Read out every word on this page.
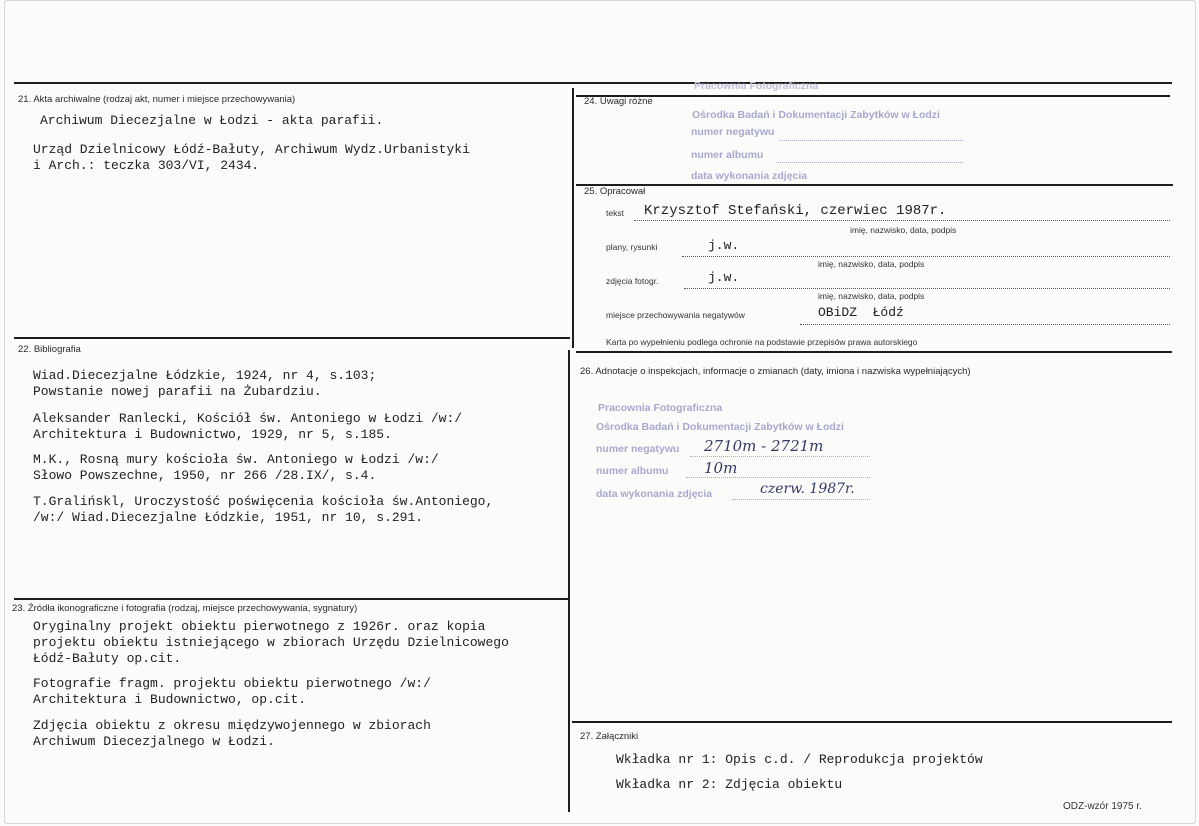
21. Akta archiwalne (rodzaj akt, numer i miejsce przechowywania)
Archiwum Diecezjalne w Łodzi - akta parafii.
Urząd Dzielnicowy Łódź-Bałuty, Archiwum Wydz.Urbanistyki
i Arch.: teczka 303/VI, 2434.
24. Uwagi różne
Pracownia Fotograficzna
Ośrodka Badań i Dokumentacji Zabytków w Łodzi
numer negatywu
numer albumu
data wykonania zdjęcia
25. Opracował
tekst Krzysztof Stefański, czerwiec 1987r.
imię, nazwisko, data, podpis
plany, rysunki	j.w.
imię, nazwisko, data, podpis
zdjęcia fotogr.	j.w.
imię, nazwisko, data, podpis
miejsce przechowywania negatywów	OBiDZ  Łódź
Karta po wypełnieniu podlega ochronie na podstawie przepisów prawa autorskiego
22. Bibliografia
Wiad.Diecezjalne Łódzkie, 1924, nr 4, s.103;
Powstanie nowej parafii na Żubardziu.
Aleksander Ranlecki, Kościół św. Antoniego w Łodzi /w:/
Architektura i Budownictwo, 1929, nr 5, s.185.
M.K., Rosną mury kościoła św. Antoniego w Łodzi /w:/
Słowo Powszechne, 1950, nr 266 /28.IX/, s.4.
T.Gralińskl, Uroczystość poświęcenia kościoła św.Antoniego,
/w:/ Wiad.Diecezjalne Łódzkie, 1951, nr 10, s.291.
26. Adnotacje o inspekcjach, informacje o zmianach (daty, imiona i nazwiska wypełniających)
Pracownia Fotograficzna
Ośrodka Badań i Dokumentacji Zabytków w Łodzi
numer negatywu 2710m - 2721m
numer albumu 10m
data wykonania zdjęcia	czerw. 1987r.
23. Źródła ikonograficzne i fotografia (rodzaj, miejsce przechowywania, sygnatury)
Oryginalny projekt obiektu pierwotnego z 1926r. oraz kopia
projektu obiektu istniejącego w zbiorach Urzędu Dzielnicowego
Łódź-Bałuty op.cit.
Fotografie fragm. projektu obiektu pierwotnego /w:/
Architektura i Budownictwo, op.cit.
Zdjęcia obiektu z okresu międzywojennego w zbiorach
Archiwum Diecezjalnego w Łodzi.	27. Załączniki
Wkładka nr 1: Opis c.d. / Reprodukcja projektów
Wkładka nr 2: Zdjęcia obiektu
ODZ-wzór 1975 r.
